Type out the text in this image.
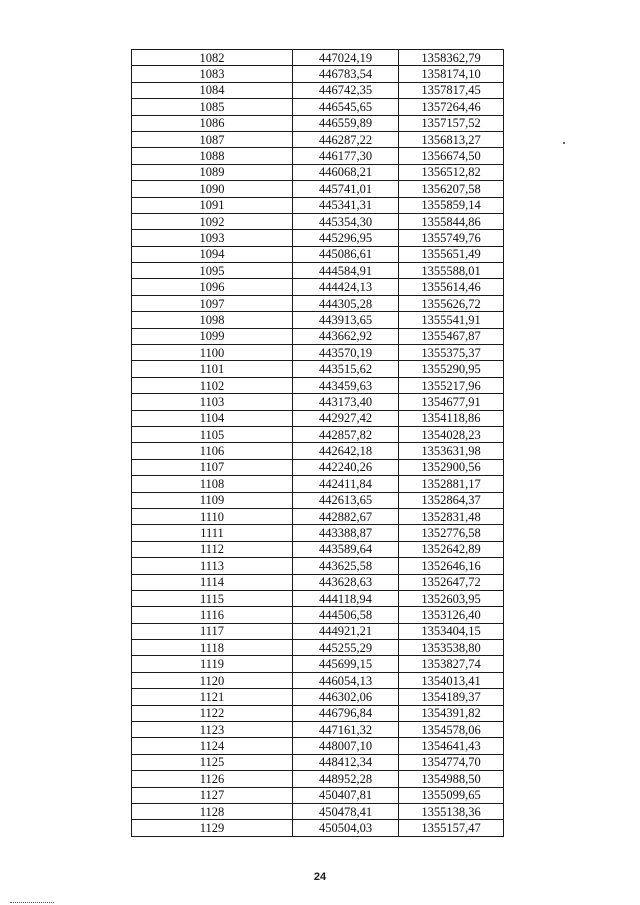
1082	447024,19	1358362,79
1083	446783,54	1358174,10
1084	446742,35	1357817,45
1085	446545,65	1357264,46
1086	446559,89	1357157,52
1087	446287,22	1356813,27
1088	446177,30	1356674,50
1089	446068,21	1356512,82
1090	445741,01	1356207,58
1091	445341,31	1355859,14
1092	445354,30	1355844,86
1093	445296,95	1355749,76
1094	445086,61	1355651,49
1095	444584,91	1355588,01
1096	444424,13	1355614,46
1097	444305,28	1355626,72
1098	443913,65	1355541,91
1099	443662,92	1355467,87
1100	443570,19	1355375,37
1101	443515,62	1355290,95
1102	443459,63	1355217,96
1103	443173,40	1354677,91
1104	442927,42	1354118,86
1105	442857,82	1354028,23
1106	442642,18	1353631,98
1107	442240,26	1352900,56
1108	442411,84	1352881,17
1109	442613,65	1352864,37
1110	442882,67	1352831,48
1111	443388,87	1352776,58
1112	443589,64	1352642,89
1113	443625,58	1352646,16
1114	443628,63	1352647,72
1115	444118,94	1352603,95
1116	444506,58	1353126,40
1117	444921,21	1353404,15
1118	445255,29	1353538,80
1119	445699,15	1353827,74
1120	446054,13	1354013,41
1121	446302,06	1354189,37
1122	446796,84	1354391,82
1123	447161,32	1354578,06
1124	448007,10	1354641,43
1125	448412,34	1354774,70
1126	448952,28	1354988,50
1127	450407,81	1355099,65
1128	450478,41	1355138,36
1129	450504,03	1355157,47
24
